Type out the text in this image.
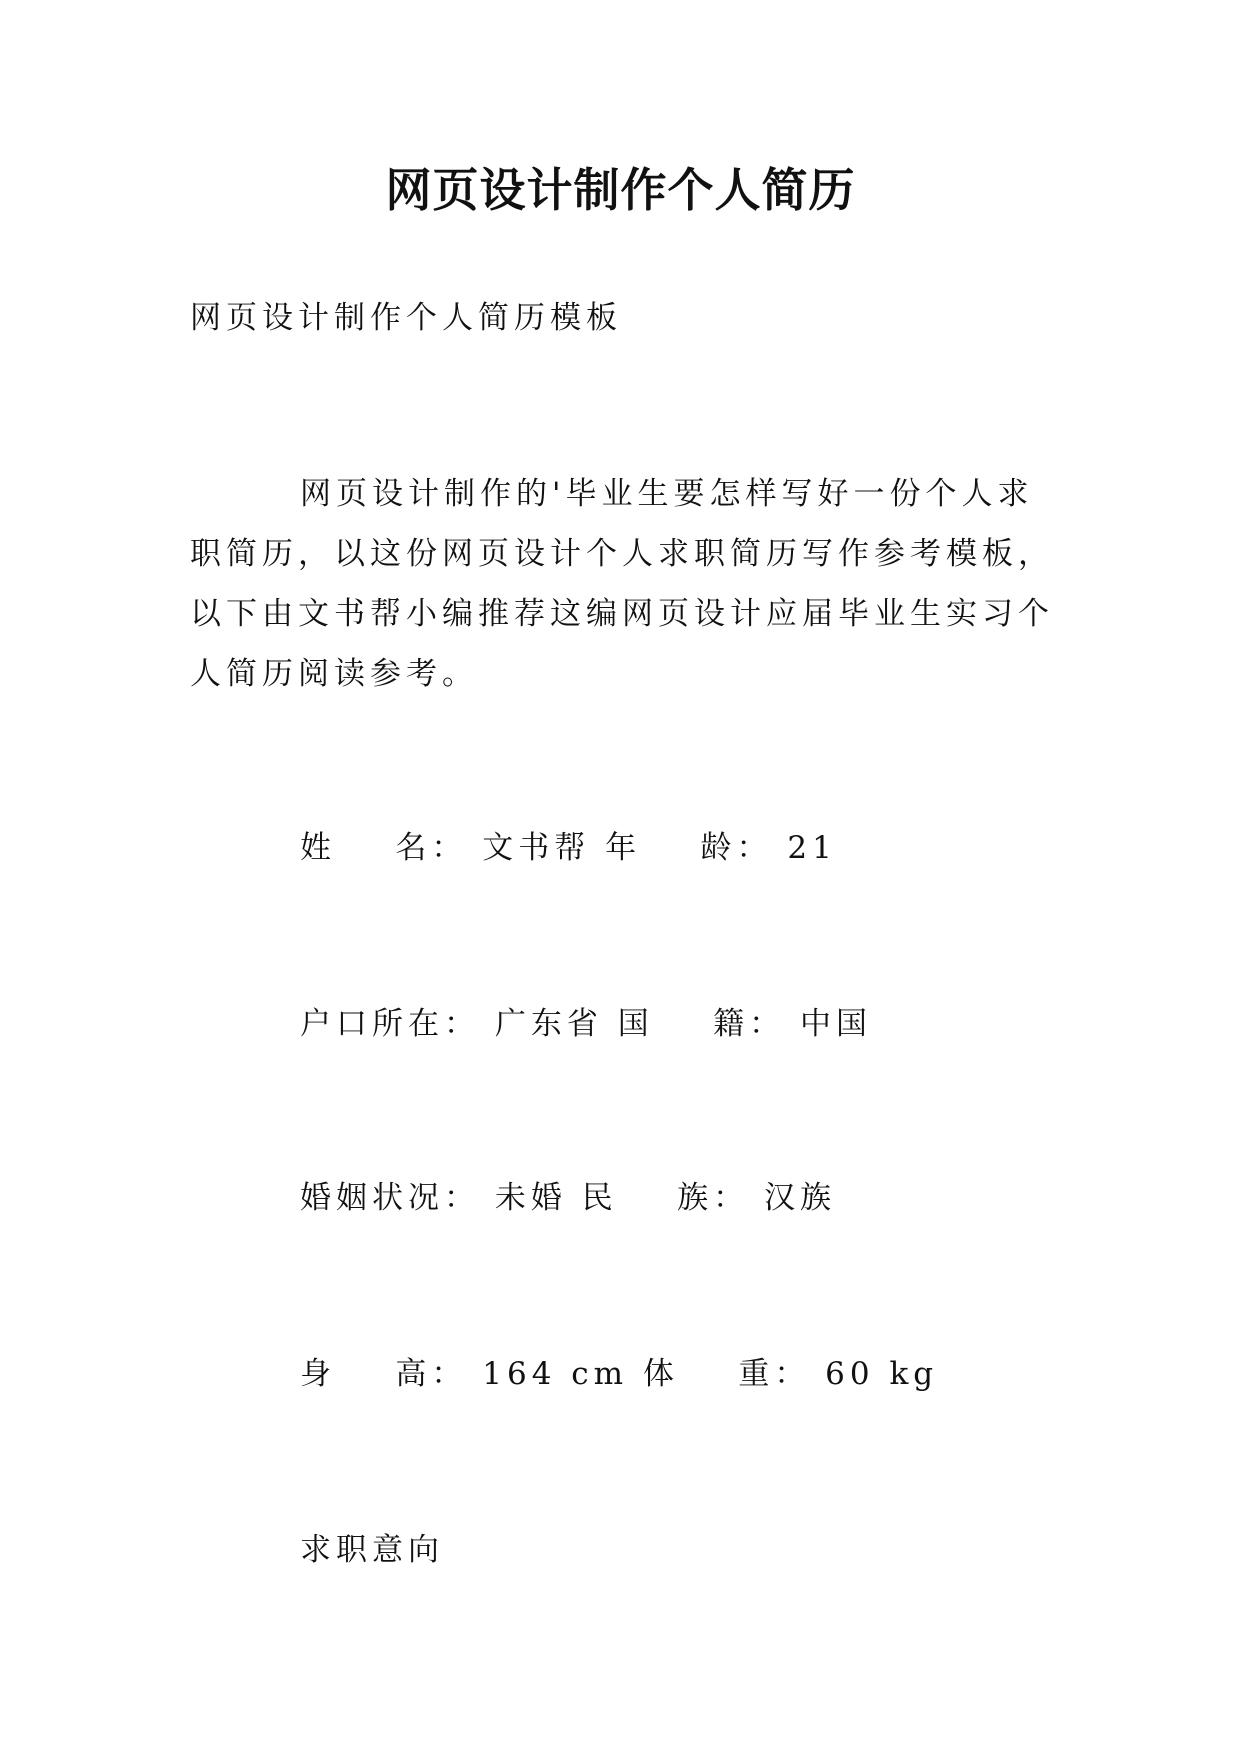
网页设计制作个人简历
网页设计制作个人简历模板
网页设计制作的'毕业生要怎样写好一份个人求职简历，以这份网页设计个人求职简历写作参考模板，以下由文书帮小编推荐这编网页设计应届毕业生实习个人简历阅读参考。
姓    名： 文书帮 年    龄： 21
户口所在： 广东省 国    籍： 中国
婚姻状况： 未婚 民    族： 汉族
身    高： 164 cm 体    重： 60 kg
求职意向
